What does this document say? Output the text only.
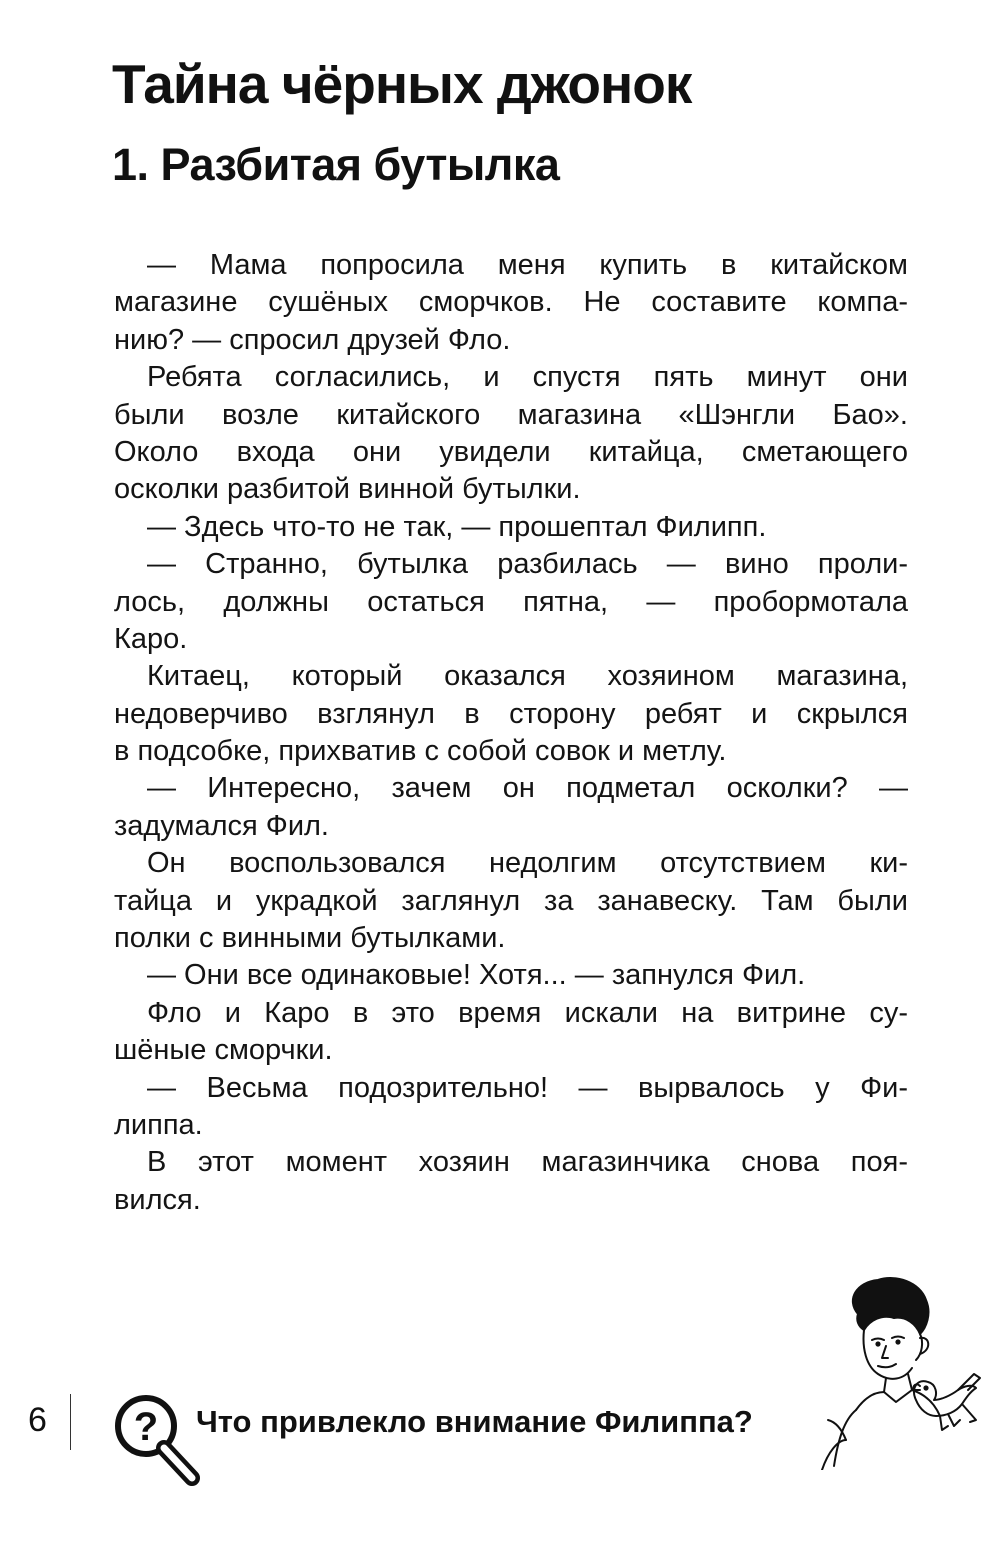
Тайна чёрных джонок
1. Разбитая бутылка
— Мама попросила меня купить в китайском
магазине сушёных сморчков. Не составите компа-
нию? — спросил друзей Фло.
Ребята согласились, и спустя пять минут они
были возле китайского магазина «Шэнгли Бао».
Около входа они увидели китайца, сметающего
осколки разбитой винной бутылки.
— Здесь что-то не так, — прошептал Филипп.
— Странно, бутылка разбилась — вино проли-
лось, должны остаться пятна, — пробормотала
Каро.
Китаец, который оказался хозяином магазина,
недоверчиво взглянул в сторону ребят и скрылся
в подсобке, прихватив с собой совок и метлу.
— Интересно, зачем он подметал осколки? —
задумался Фил.
Он воспользовался недолгим отсутствием ки-
тайца и украдкой заглянул за занавеску. Там были
полки с винными бутылками.
— Они все одинаковые! Хотя... — запнулся Фил.
Фло и Каро в это время искали на витрине су-
шёные сморчки.
— Весьма подозрительно! — вырвалось у Фи-
липпа.
В этот момент хозяин магазинчика снова поя-
вился.
6 ? Что привлекло внимание Филиппа?
